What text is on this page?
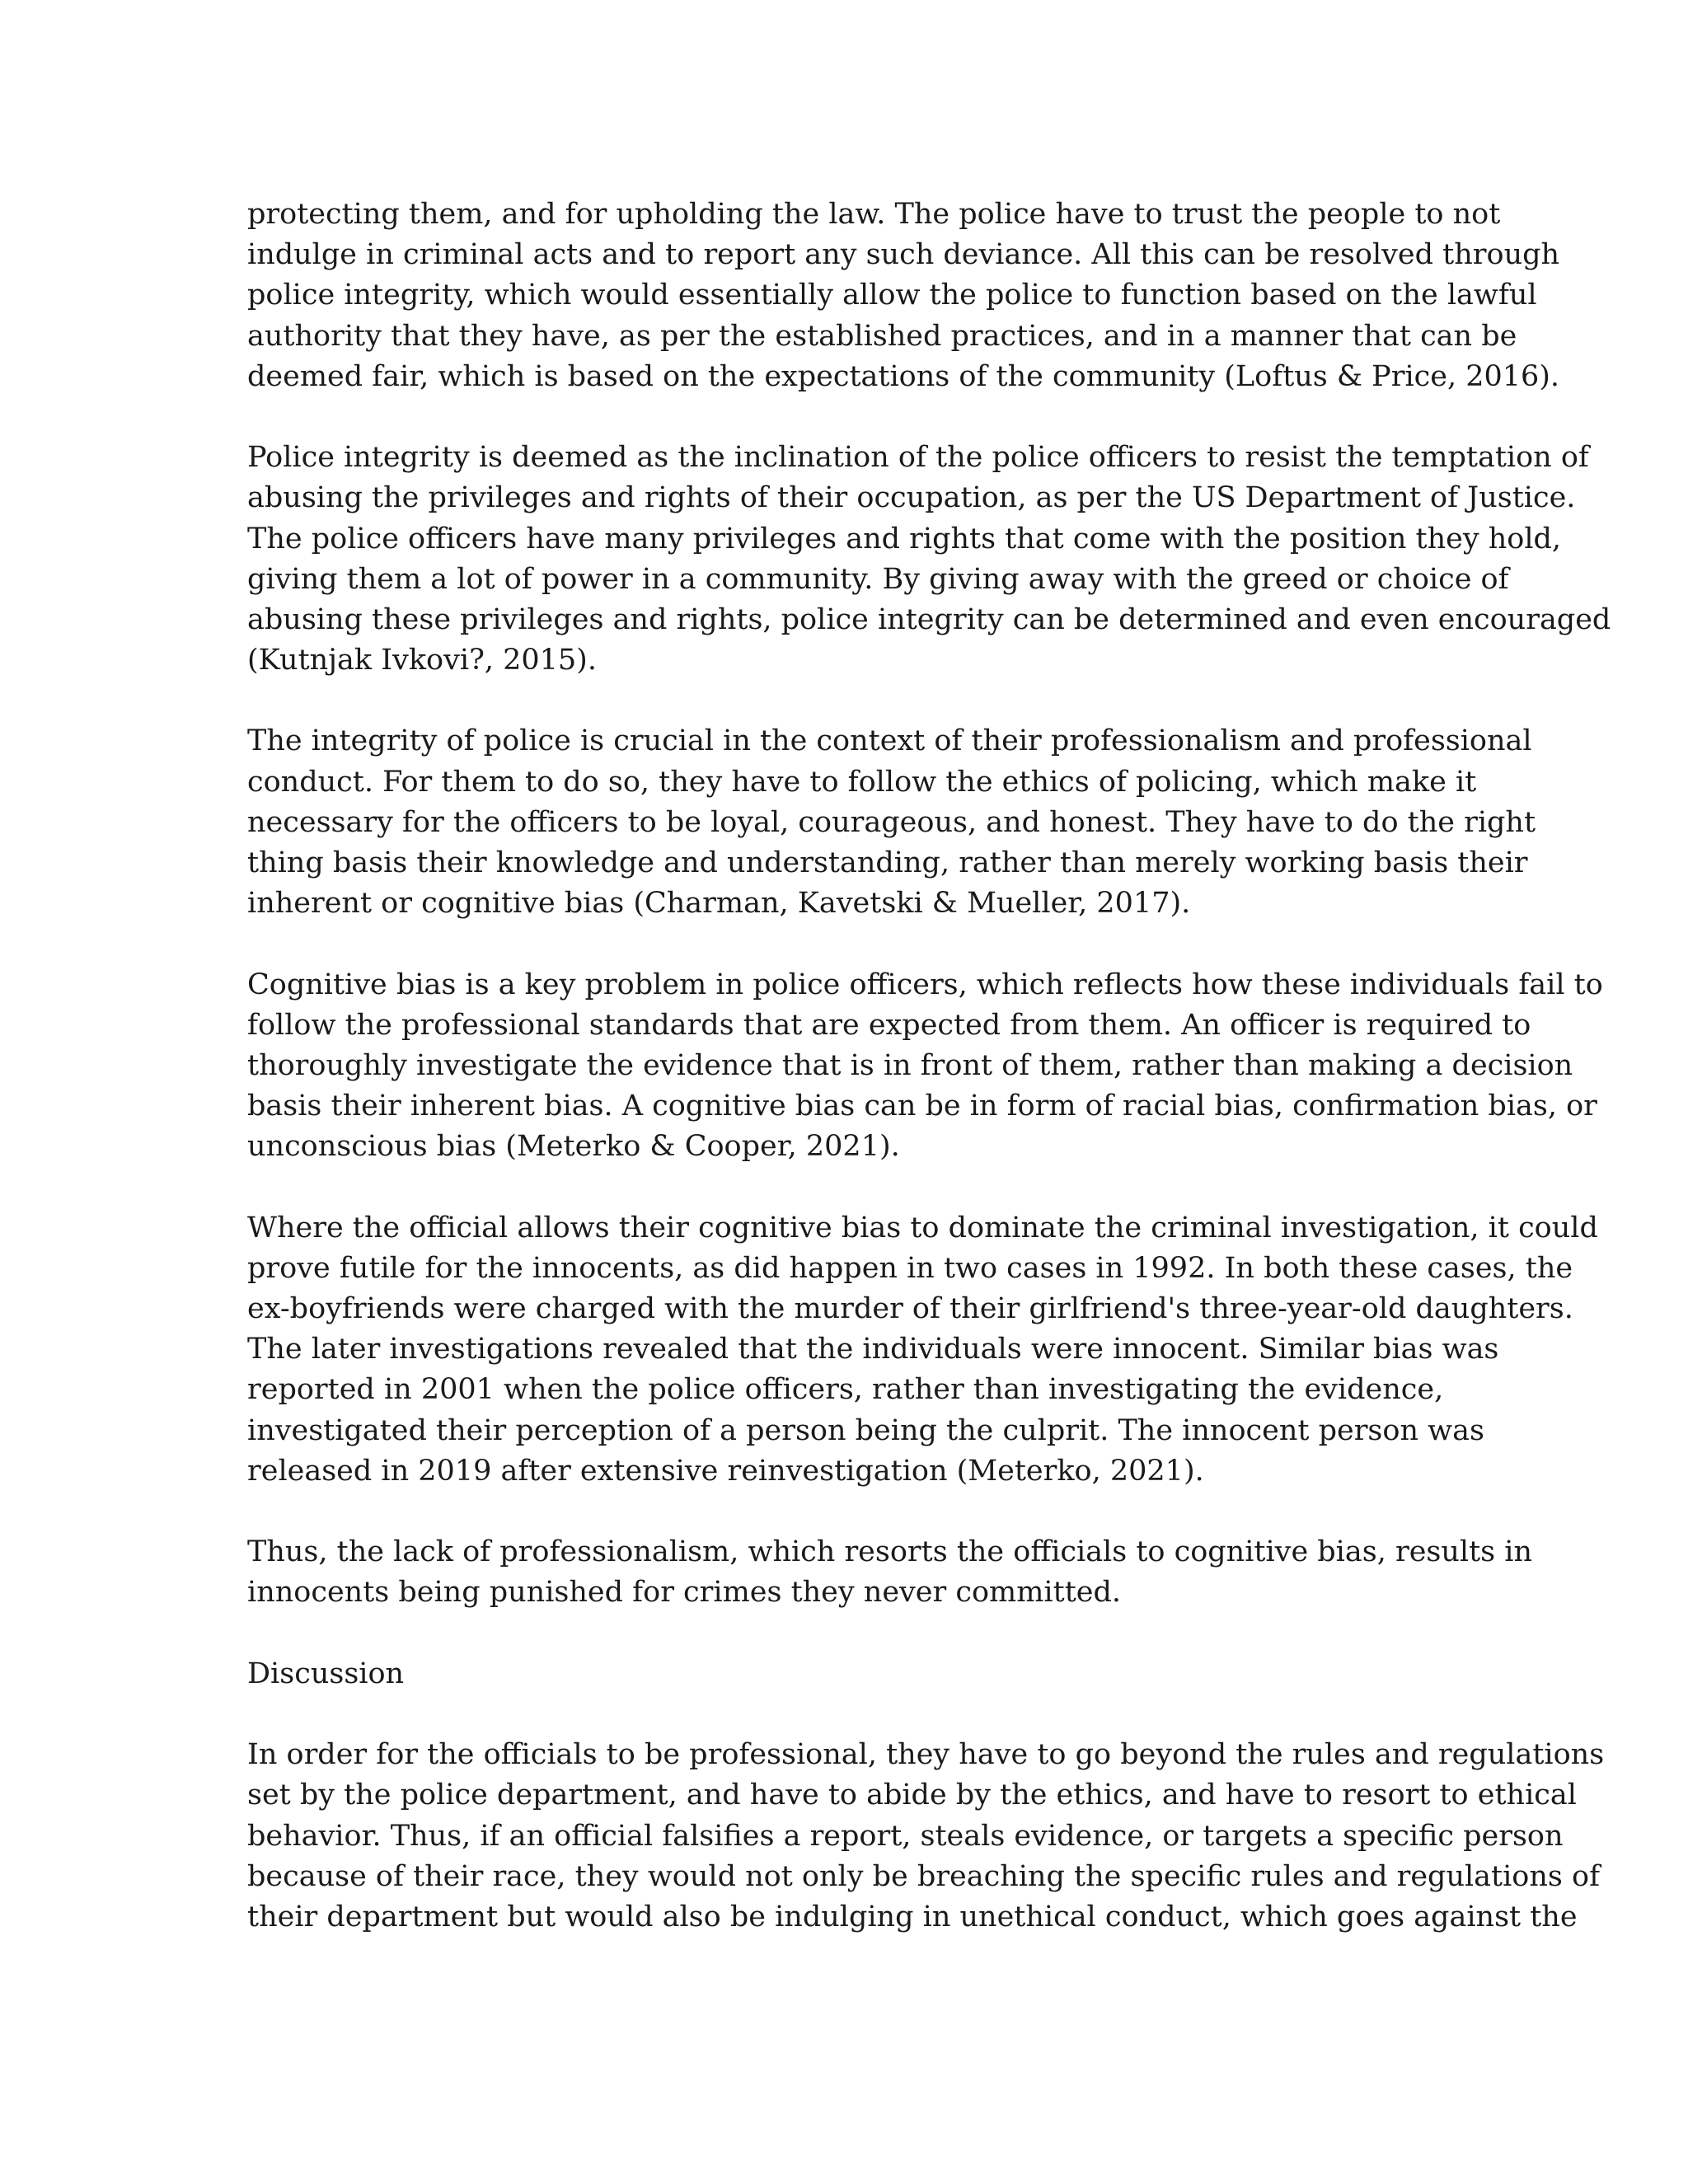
protecting them, and for upholding the law. The police have to trust the people to not
indulge in criminal acts and to report any such deviance. All this can be resolved through
police integrity, which would essentially allow the police to function based on the lawful
authority that they have, as per the established practices, and in a manner that can be
deemed fair, which is based on the expectations of the community (Loftus & Price, 2016).

Police integrity is deemed as the inclination of the police officers to resist the temptation of
abusing the privileges and rights of their occupation, as per the US Department of Justice.
The police officers have many privileges and rights that come with the position they hold,
giving them a lot of power in a community. By giving away with the greed or choice of
abusing these privileges and rights, police integrity can be determined and even encouraged
(Kutnjak Ivkovi?, 2015).

The integrity of police is crucial in the context of their professionalism and professional
conduct. For them to do so, they have to follow the ethics of policing, which make it
necessary for the officers to be loyal, courageous, and honest. They have to do the right
thing basis their knowledge and understanding, rather than merely working basis their
inherent or cognitive bias (Charman, Kavetski & Mueller, 2017).

Cognitive bias is a key problem in police officers, which reflects how these individuals fail to
follow the professional standards that are expected from them. An officer is required to
thoroughly investigate the evidence that is in front of them, rather than making a decision
basis their inherent bias. A cognitive bias can be in form of racial bias, confirmation bias, or
unconscious bias (Meterko & Cooper, 2021).

Where the official allows their cognitive bias to dominate the criminal investigation, it could
prove futile for the innocents, as did happen in two cases in 1992. In both these cases, the
ex-boyfriends were charged with the murder of their girlfriend's three-year-old daughters.
The later investigations revealed that the individuals were innocent. Similar bias was
reported in 2001 when the police officers, rather than investigating the evidence,
investigated their perception of a person being the culprit. The innocent person was
released in 2019 after extensive reinvestigation (Meterko, 2021).

Thus, the lack of professionalism, which resorts the officials to cognitive bias, results in
innocents being punished for crimes they never committed.

Discussion

In order for the officials to be professional, they have to go beyond the rules and regulations
set by the police department, and have to abide by the ethics, and have to resort to ethical
behavior. Thus, if an official falsifies a report, steals evidence, or targets a specific person
because of their race, they would not only be breaching the specific rules and regulations of
their department but would also be indulging in unethical conduct, which goes against the
